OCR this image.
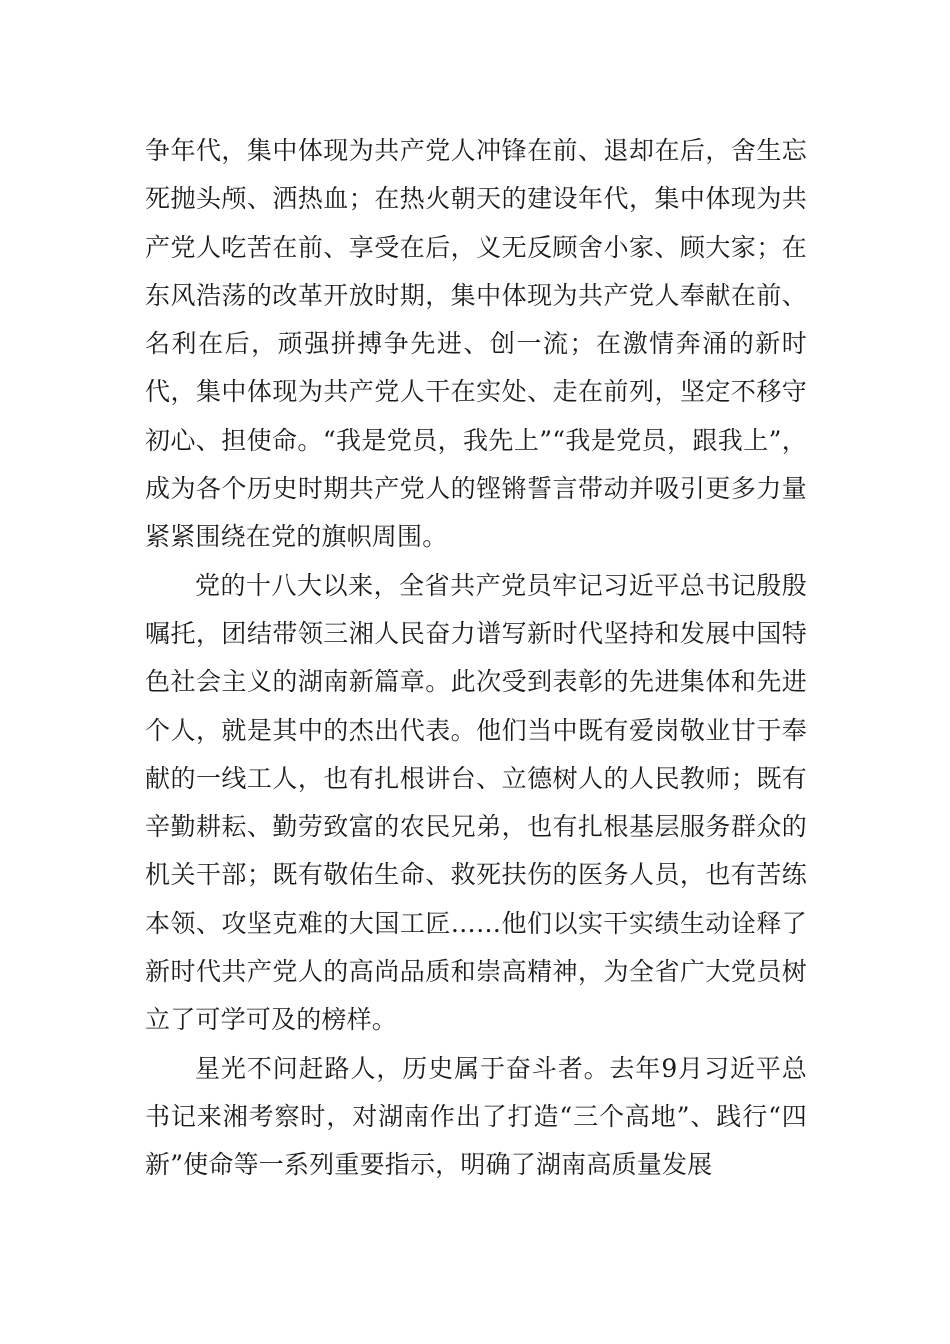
争年代，集中体现为共产党人冲锋在前、退却在后，舍生忘死抛头颅、洒热血；在热火朝天的建设年代，集中体现为共产党人吃苦在前、享受在后，义无反顾舍小家、顾大家；在东风浩荡的改革开放时期，集中体现为共产党人奉献在前、名利在后，顽强拼搏争先进、创一流；在激情奔涌的新时代，集中体现为共产党人干在实处、走在前列，坚定不移守初心、担使命。“我是党员，我先上”“我是党员，跟我上”，成为各个历史时期共产党人的铿锵誓言带动并吸引更多力量紧紧围绕在党的旗帜周围。

党的十八大以来，全省共产党员牢记习近平总书记殷殷嘱托，团结带领三湘人民奋力谱写新时代坚持和发展中国特色社会主义的湖南新篇章。此次受到表彰的先进集体和先进个人，就是其中的杰出代表。他们当中既有爱岗敬业甘于奉献的一线工人，也有扎根讲台、立德树人的人民教师；既有辛勤耕耘、勤劳致富的农民兄弟，也有扎根基层服务群众的机关干部；既有敬佑生命、救死扶伤的医务人员，也有苦练本领、攻坚克难的大国工匠……他们以实干实绩生动诠释了新时代共产党人的高尚品质和崇高精神，为全省广大党员树立了可学可及的榜样。

星光不问赶路人，历史属于奋斗者。去年9月习近平总书记来湘考察时，对湖南作出了打造“三个高地”、践行“四新”使命等一系列重要指示，明确了湖南高质量发展
